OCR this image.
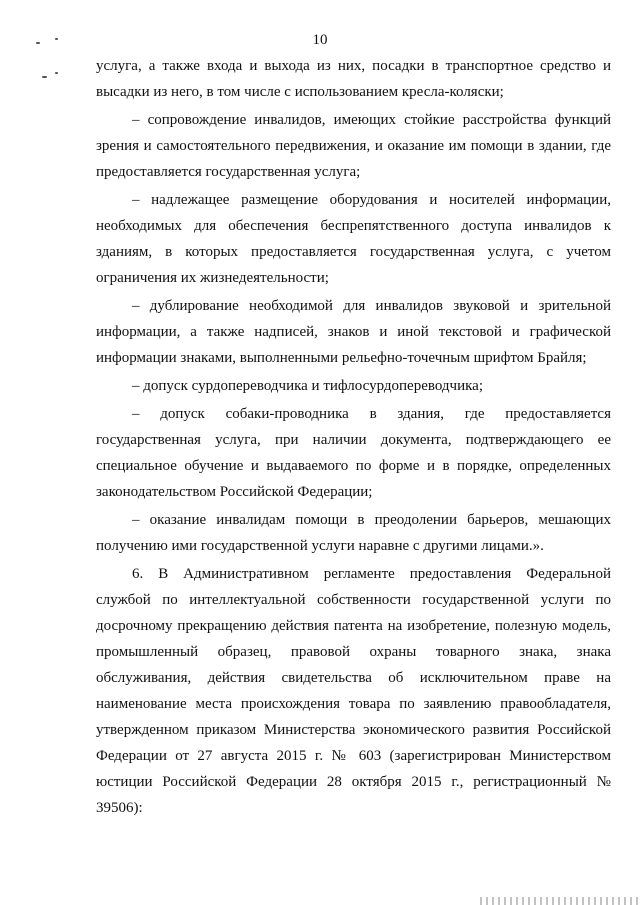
10

услуга, а также входа и выхода из них, посадки в транспортное средство и высадки из него, в том числе с использованием кресла-коляски;

– сопровождение инвалидов, имеющих стойкие расстройства функций зрения и самостоятельного передвижения, и оказание им помощи в здании, где предоставляется государственная услуга;

– надлежащее размещение оборудования и носителей информации, необходимых для обеспечения беспрепятственного доступа инвалидов к зданиям, в которых предоставляется государственная услуга, с учетом ограничения их жизнедеятельности;

– дублирование необходимой для инвалидов звуковой и зрительной информации, а также надписей, знаков и иной текстовой и графической информации знаками, выполненными рельефно-точечным шрифтом Брайля;

– допуск сурдопереводчика и тифлосурдопереводчика;

– допуск собаки-проводника в здания, где предоставляется государственная услуга, при наличии документа, подтверждающего ее специальное обучение и выдаваемого по форме и в порядке, определенных законодательством Российской Федерации;

– оказание инвалидам помощи в преодолении барьеров, мешающих получению ими государственной услуги наравне с другими лицами.».

6. В Административном регламенте предоставления Федеральной службой по интеллектуальной собственности государственной услуги по досрочному прекращению действия патента на изобретение, полезную модель, промышленный образец, правовой охраны товарного знака, знака обслуживания, действия свидетельства об исключительном праве на наименование места происхождения товара по заявлению правообладателя, утвержденном приказом Министерства экономического развития Российской Федерации от 27 августа 2015 г. № 603 (зарегистрирован Министерством юстиции Российской Федерации 28 октября 2015 г., регистрационный № 39506):
